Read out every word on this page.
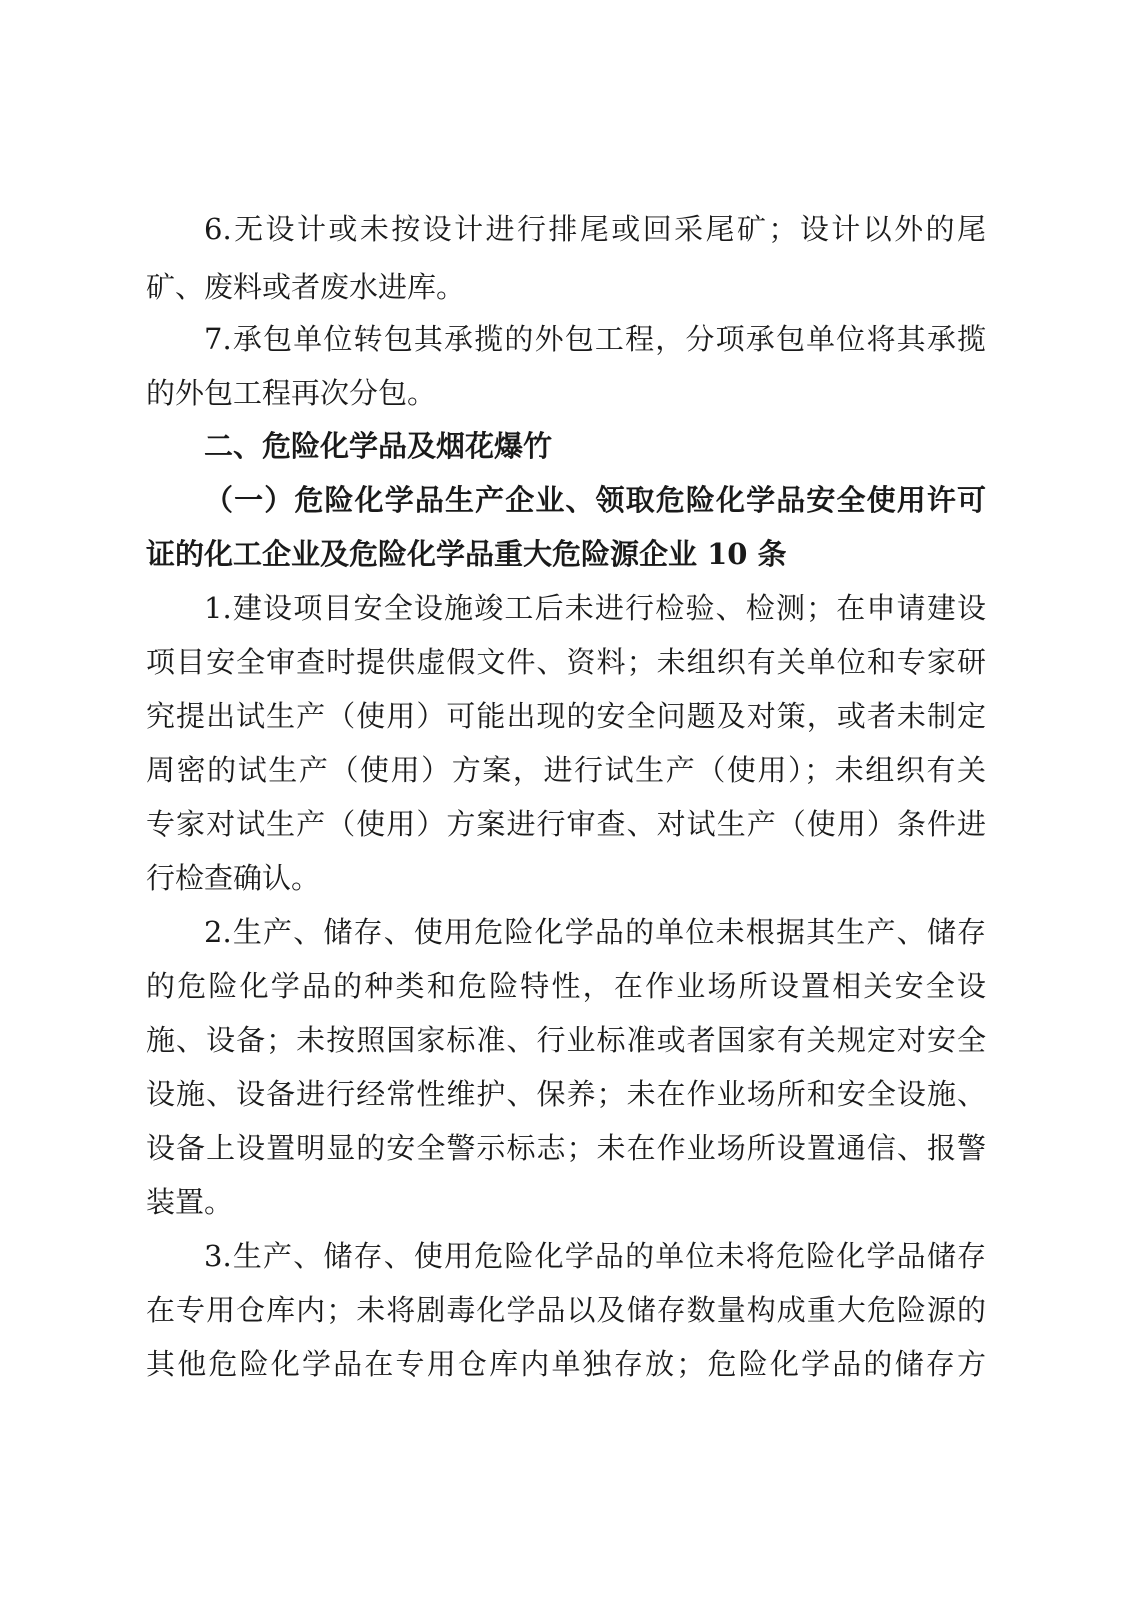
6.无设计或未按设计进行排尾或回采尾矿；设计以外的尾
矿、废料或者废水进库。
7.承包单位转包其承揽的外包工程，分项承包单位将其承揽
的外包工程再次分包。
二、危险化学品及烟花爆竹
（一）危险化学品生产企业、领取危险化学品安全使用许可
证的化工企业及危险化学品重大危险源企业 10 条
1.建设项目安全设施竣工后未进行检验、检测；在申请建设
项目安全审查时提供虚假文件、资料；未组织有关单位和专家研
究提出试生产（使用）可能出现的安全问题及对策，或者未制定
周密的试生产（使用）方案，进行试生产（使用）；未组织有关
专家对试生产（使用）方案进行审查、对试生产（使用）条件进
行检查确认。
2.生产、储存、使用危险化学品的单位未根据其生产、储存
的危险化学品的种类和危险特性，在作业场所设置相关安全设
施、设备；未按照国家标准、行业标准或者国家有关规定对安全
设施、设备进行经常性维护、保养；未在作业场所和安全设施、
设备上设置明显的安全警示标志；未在作业场所设置通信、报警
装置。
3.生产、储存、使用危险化学品的单位未将危险化学品储存
在专用仓库内；未将剧毒化学品以及储存数量构成重大危险源的
其他危险化学品在专用仓库内单独存放；危险化学品的储存方
